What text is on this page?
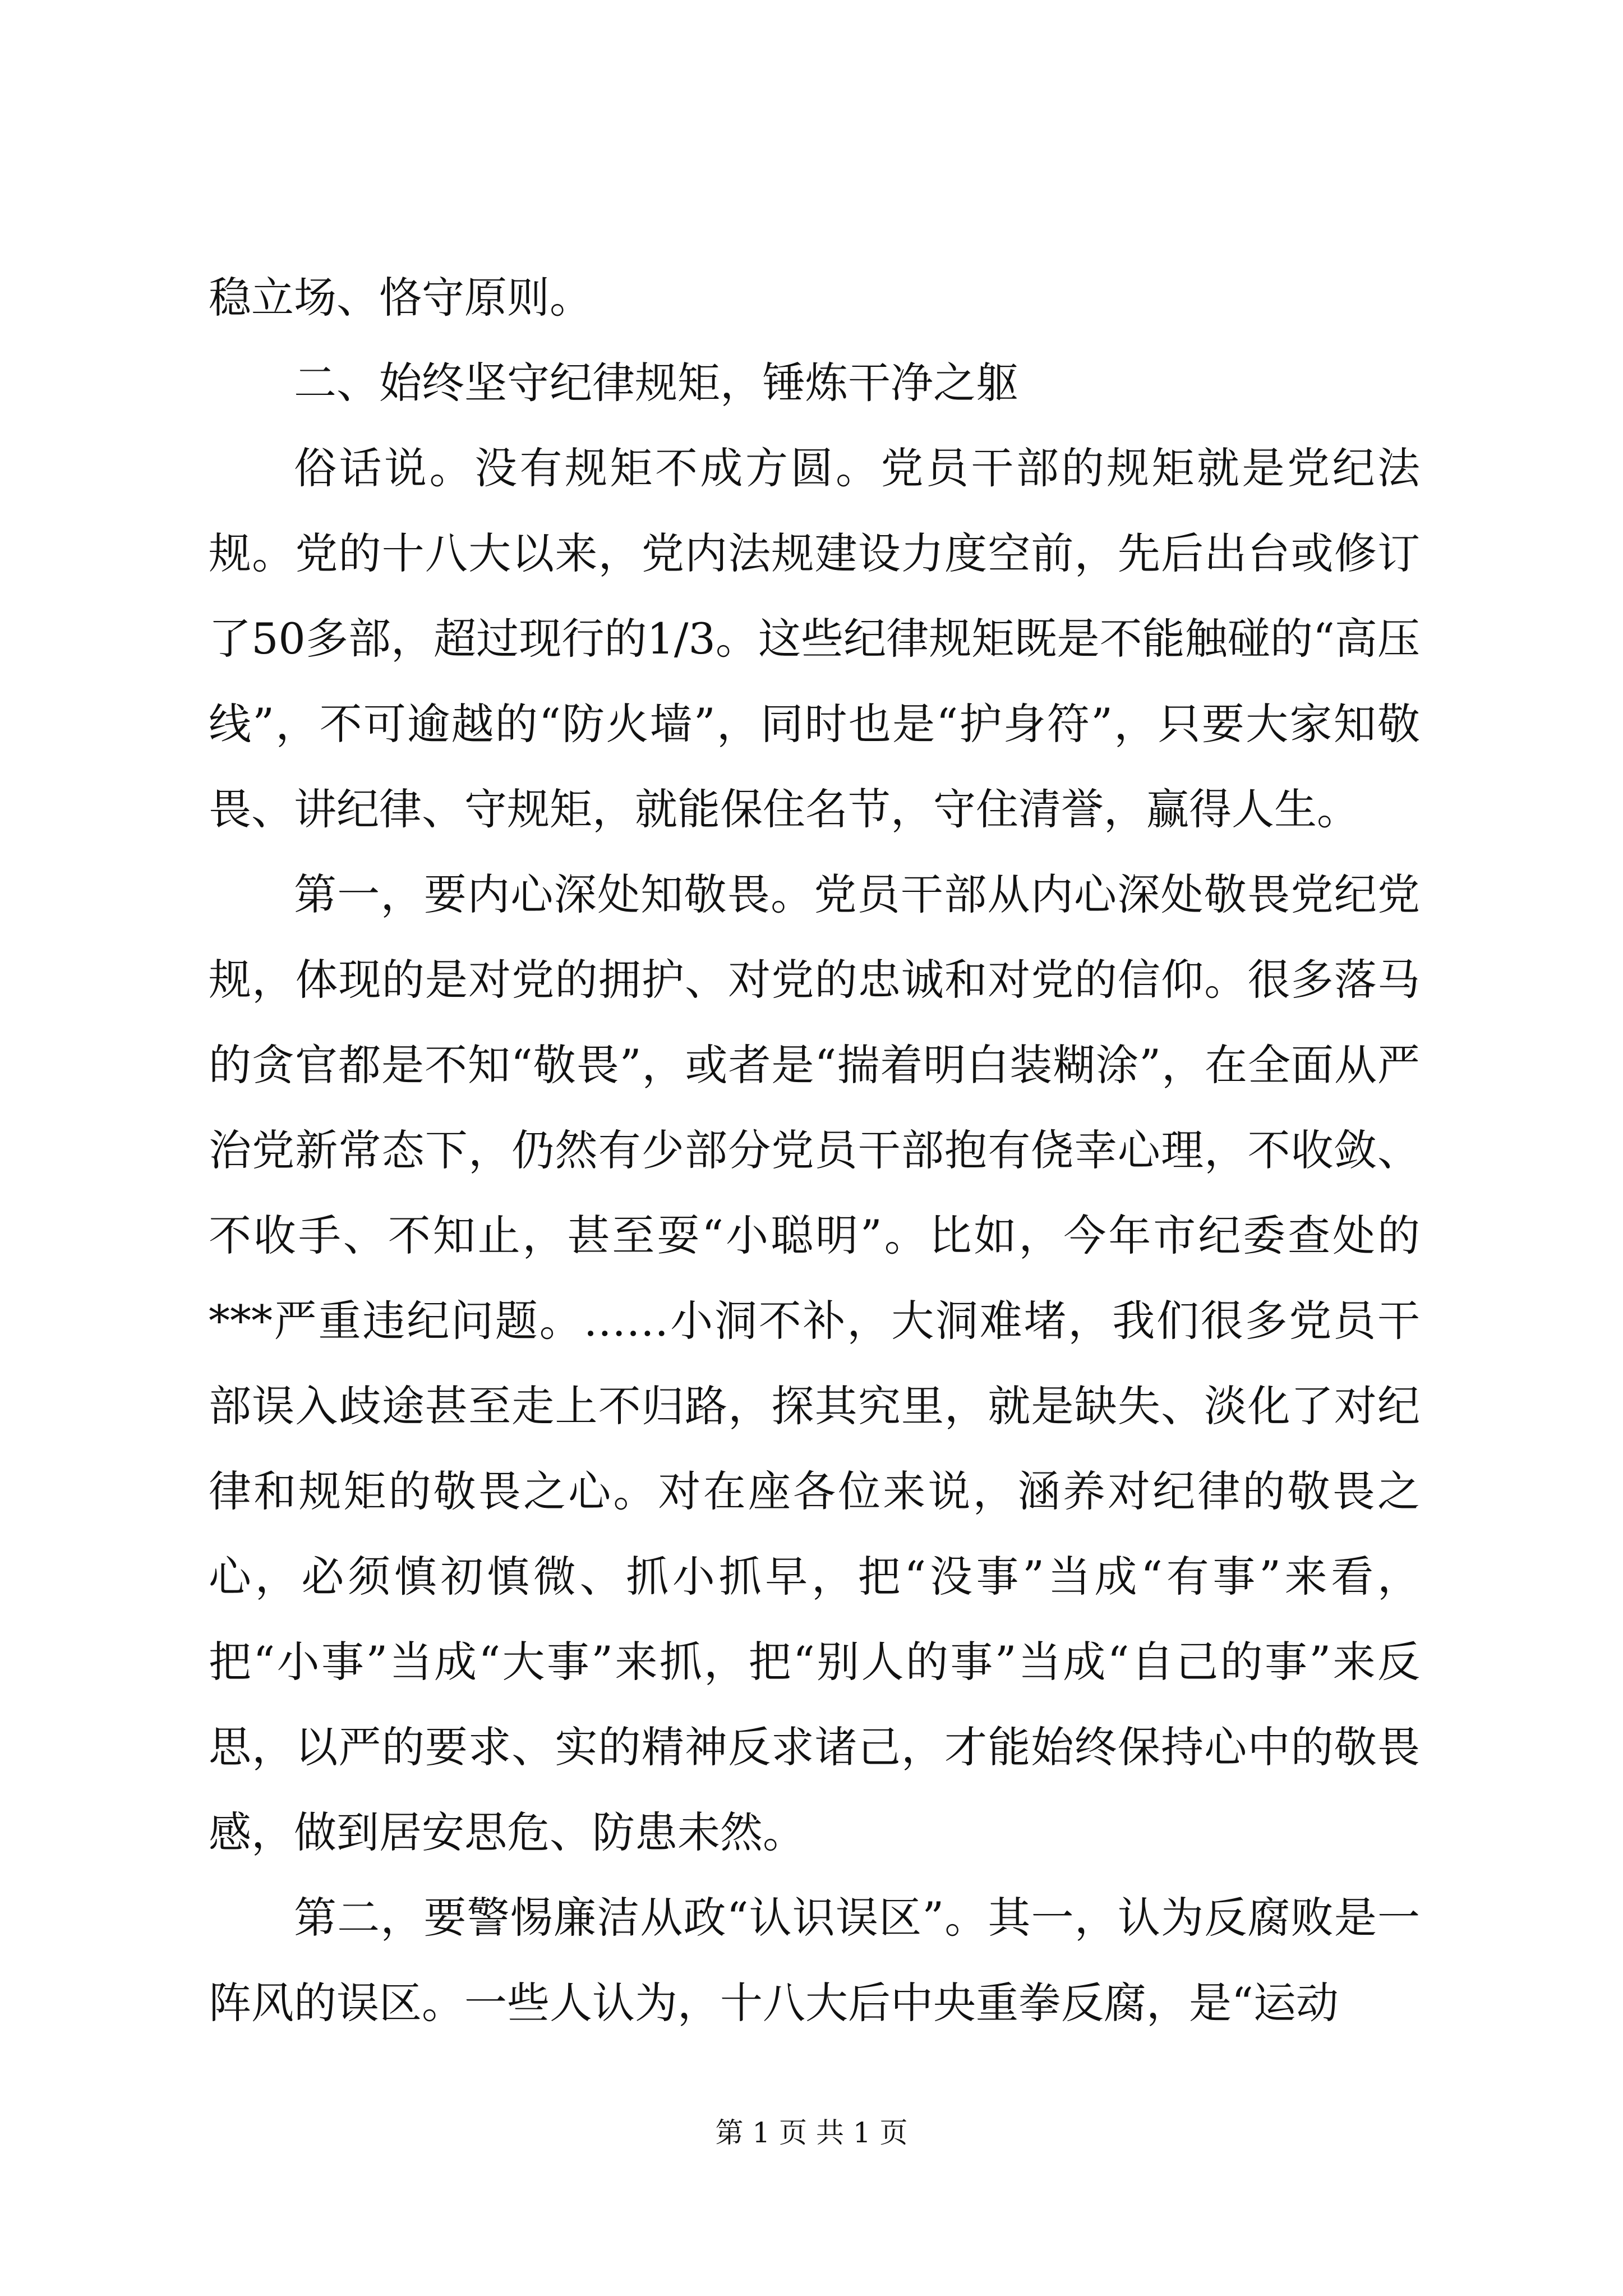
稳立场、恪守原则。

二、始终坚守纪律规矩，锤炼干净之躯

俗话说。没有规矩不成方圆。党员干部的规矩就是党纪法规。党的十八大以来，党内法规建设力度空前，先后出台或修订了50多部，超过现行的1/3。这些纪律规矩既是不能触碰的“高压线”，不可逾越的“防火墙”，同时也是“护身符”，只要大家知敬畏、讲纪律、守规矩，就能保住名节，守住清誉，赢得人生。

第一，要内心深处知敬畏。党员干部从内心深处敬畏党纪党规，体现的是对党的拥护、对党的忠诚和对党的信仰。很多落马的贪官都是不知“敬畏”，或者是“揣着明白装糊涂”，在全面从严治党新常态下，仍然有少部分党员干部抱有侥幸心理，不收敛、不收手、不知止，甚至耍“小聪明”。比如，今年市纪委查处的***严重违纪问题。……小洞不补，大洞难堵，我们很多党员干部误入歧途甚至走上不归路，探其究里，就是缺失、淡化了对纪律和规矩的敬畏之心。对在座各位来说，涵养对纪律的敬畏之心，必须慎初慎微、抓小抓早，把“没事”当成“有事”来看，把“小事”当成“大事”来抓，把“别人的事”当成“自己的事”来反思，以严的要求、实的精神反求诸己，才能始终保持心中的敬畏感，做到居安思危、防患未然。

第二，要警惕廉洁从政“认识误区”。其一，认为反腐败是一阵风的误区。一些人认为，十八大后中央重拳反腐，是“运动

第 1 页 共 1 页
